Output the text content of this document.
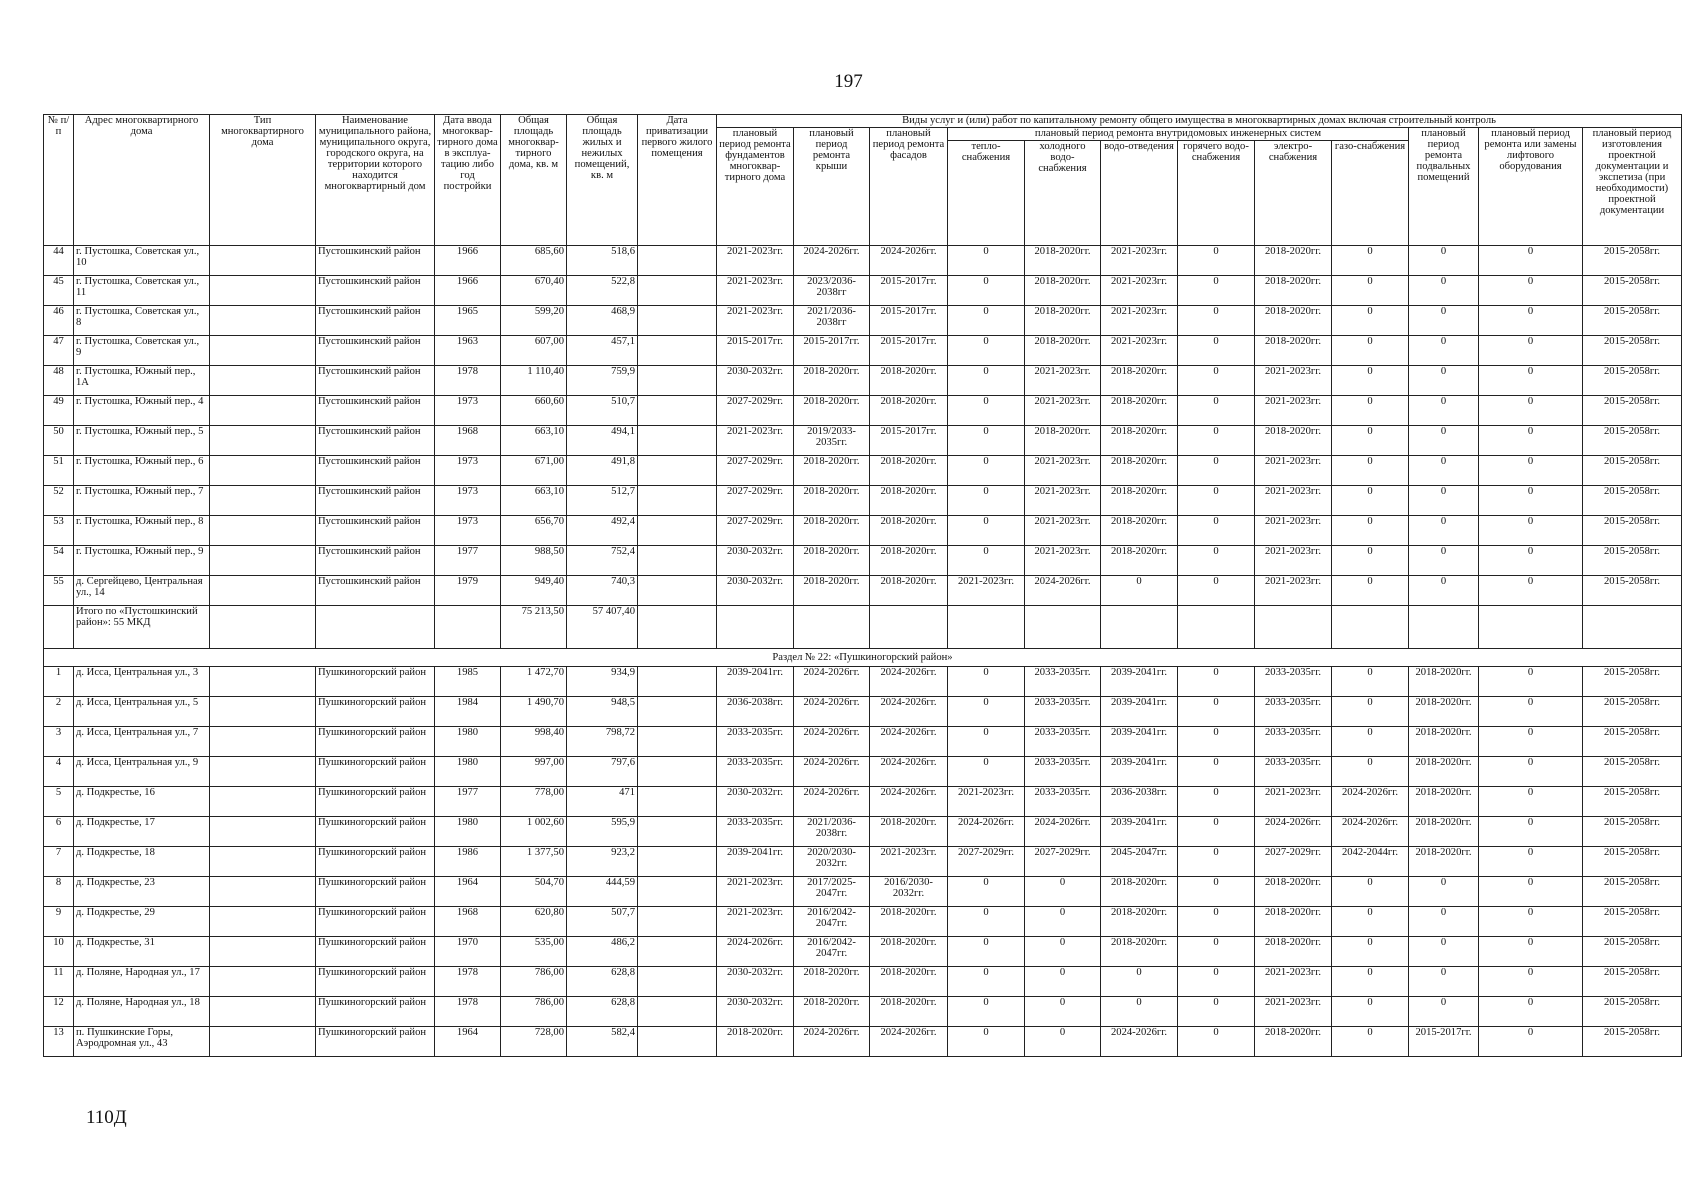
197
№ п/п	Адрес многоквартирного дома	Тип многоквартирного дома	Наименование муниципального района, муниципального округа, городского округа, на территории которого находится многоквартирный дом	Дата ввода многоквар-тирного дома в эксплуа-тацию либо год постройки	Общая площадь многоквар-тирного дома, кв. м	Общая площадь жилых и нежилых помещений, кв. м	Дата приватизации первого жилого помещения	Виды услуг и (или) работ по капитальному ремонту общего имущества в многоквартирных домах включая строительный контроль											
								плановый период ремонта фундаментов многоквар-тирного дома	плановый период ремонта крыши	плановый период ремонта фасадов	плановый период ремонта внутридомовых инженерных систем						плановый период ремонта подвальных помещений	плановый период ремонта или замены лифтового оборудования	плановый период изготовления проектной документации и экспетиза (при необходимости) проектной документации
											тепло-снабжения	холодного водо-снабжения	водо-отведения	горячего водо-снабжения	электро-снабжения	газо-снабжения			
44	г. Пустошка, Советская ул., 10		Пустошкинский район	1966	685,60	518,6		2021-2023гг.	2024-2026гг.	2024-2026гг.	0	2018-2020гг.	2021-2023гг.	0	2018-2020гг.	0	0	0	2015-2058гг.
45	г. Пустошка, Советская ул., 11		Пустошкинский район	1966	670,40	522,8		2021-2023гг.	2023/2036-2038гг	2015-2017гг.	0	2018-2020гг.	2021-2023гг.	0	2018-2020гг.	0	0	0	2015-2058гг.
46	г. Пустошка, Советская ул., 8		Пустошкинский район	1965	599,20	468,9		2021-2023гг.	2021/2036-2038гг	2015-2017гг.	0	2018-2020гг.	2021-2023гг.	0	2018-2020гг.	0	0	0	2015-2058гг.
47	г. Пустошка, Советская ул., 9		Пустошкинский район	1963	607,00	457,1		2015-2017гг.	2015-2017гг.	2015-2017гг.	0	2018-2020гг.	2021-2023гг.	0	2018-2020гг.	0	0	0	2015-2058гг.
48	г. Пустошка, Южный пер., 1А		Пустошкинский район	1978	1 110,40	759,9		2030-2032гг.	2018-2020гг.	2018-2020гг.	0	2021-2023гг.	2018-2020гг.	0	2021-2023гг.	0	0	0	2015-2058гг.
49	г. Пустошка, Южный пер., 4		Пустошкинский район	1973	660,60	510,7		2027-2029гг.	2018-2020гг.	2018-2020гг.	0	2021-2023гг.	2018-2020гг.	0	2021-2023гг.	0	0	0	2015-2058гг.
50	г. Пустошка, Южный пер., 5		Пустошкинский район	1968	663,10	494,1		2021-2023гг.	2019/2033-2035гг.	2015-2017гг.	0	2018-2020гг.	2018-2020гг.	0	2018-2020гг.	0	0	0	2015-2058гг.
51	г. Пустошка, Южный пер., 6		Пустошкинский район	1973	671,00	491,8		2027-2029гг.	2018-2020гг.	2018-2020гг.	0	2021-2023гг.	2018-2020гг.	0	2021-2023гг.	0	0	0	2015-2058гг.
52	г. Пустошка, Южный пер., 7		Пустошкинский район	1973	663,10	512,7		2027-2029гг.	2018-2020гг.	2018-2020гг.	0	2021-2023гг.	2018-2020гг.	0	2021-2023гг.	0	0	0	2015-2058гг.
53	г. Пустошка, Южный пер., 8		Пустошкинский район	1973	656,70	492,4		2027-2029гг.	2018-2020гг.	2018-2020гг.	0	2021-2023гг.	2018-2020гг.	0	2021-2023гг.	0	0	0	2015-2058гг.
54	г. Пустошка, Южный пер., 9		Пустошкинский район	1977	988,50	752,4		2030-2032гг.	2018-2020гг.	2018-2020гг.	0	2021-2023гг.	2018-2020гг.	0	2021-2023гг.	0	0	0	2015-2058гг.
55	д. Сергейцево, Центральная ул., 14		Пустошкинский район	1979	949,40	740,3		2030-2032гг.	2018-2020гг.	2018-2020гг.	2021-2023гг.	2024-2026гг.	0	0	2021-2023гг.	0	0	0	2015-2058гг.
	Итого по «Пустошкинский район»: 55 МКД				75 213,50	57 407,40													
Раздел № 22: «Пушкиногорский район»																			
1	д. Исса, Центральная ул., 3		Пушкиногорский район	1985	1 472,70	934,9		2039-2041гг.	2024-2026гг.	2024-2026гг.	0	2033-2035гг.	2039-2041гг.	0	2033-2035гг.	0	2018-2020гг.	0	2015-2058гг.
2	д. Исса, Центральная ул., 5		Пушкиногорский район	1984	1 490,70	948,5		2036-2038гг.	2024-2026гг.	2024-2026гг.	0	2033-2035гг.	2039-2041гг.	0	2033-2035гг.	0	2018-2020гг.	0	2015-2058гг.
3	д. Исса, Центральная ул., 7		Пушкиногорский район	1980	998,40	798,72		2033-2035гг.	2024-2026гг.	2024-2026гг.	0	2033-2035гг.	2039-2041гг.	0	2033-2035гг.	0	2018-2020гг.	0	2015-2058гг.
4	д. Исса, Центральная ул., 9		Пушкиногорский район	1980	997,00	797,6		2033-2035гг.	2024-2026гг.	2024-2026гг.	0	2033-2035гг.	2039-2041гг.	0	2033-2035гг.	0	2018-2020гг.	0	2015-2058гг.
5	д. Подкрестье, 16		Пушкиногорский район	1977	778,00	471		2030-2032гг.	2024-2026гг.	2024-2026гг.	2021-2023гг.	2033-2035гг.	2036-2038гг.	0	2021-2023гг.	2024-2026гг.	2018-2020гг.	0	2015-2058гг.
6	д. Подкрестье, 17		Пушкиногорский район	1980	1 002,60	595,9		2033-2035гг.	2021/2036-2038гг.	2018-2020гг.	2024-2026гг.	2024-2026гг.	2039-2041гг.	0	2024-2026гг.	2024-2026гг.	2018-2020гг.	0	2015-2058гг.
7	д. Подкрестье, 18		Пушкиногорский район	1986	1 377,50	923,2		2039-2041гг.	2020/2030-2032гг.	2021-2023гг.	2027-2029гг.	2027-2029гг.	2045-2047гг.	0	2027-2029гг.	2042-2044гг.	2018-2020гг.	0	2015-2058гг.
8	д. Подкрестье, 23		Пушкиногорский район	1964	504,70	444,59		2021-2023гг.	2017/2025-2047гг.	2016/2030-2032гг.	0	0	2018-2020гг.	0	2018-2020гг.	0	0	0	2015-2058гг.
9	д. Подкрестье, 29		Пушкиногорский район	1968	620,80	507,7		2021-2023гг.	2016/2042-2047гг.	2018-2020гг.	0	0	2018-2020гг.	0	2018-2020гг.	0	0	0	2015-2058гг.
10	д. Подкрестье, 31		Пушкиногорский район	1970	535,00	486,2		2024-2026гг.	2016/2042-2047гг.	2018-2020гг.	0	0	2018-2020гг.	0	2018-2020гг.	0	0	0	2015-2058гг.
11	д. Поляне, Народная ул., 17		Пушкиногорский район	1978	786,00	628,8		2030-2032гг.	2018-2020гг.	2018-2020гг.	0	0	0	0	2021-2023гг.	0	0	0	2015-2058гг.
12	д. Поляне, Народная ул., 18		Пушкиногорский район	1978	786,00	628,8		2030-2032гг.	2018-2020гг.	2018-2020гг.	0	0	0	0	2021-2023гг.	0	0	0	2015-2058гг.
13	п. Пушкинские Горы, Аэродромная ул., 43		Пушкиногорский район	1964	728,00	582,4		2018-2020гг.	2024-2026гг.	2024-2026гг.	0	0	2024-2026гг.	0	2018-2020гг.	0	2015-2017гг.	0	2015-2058гг.
110Д
